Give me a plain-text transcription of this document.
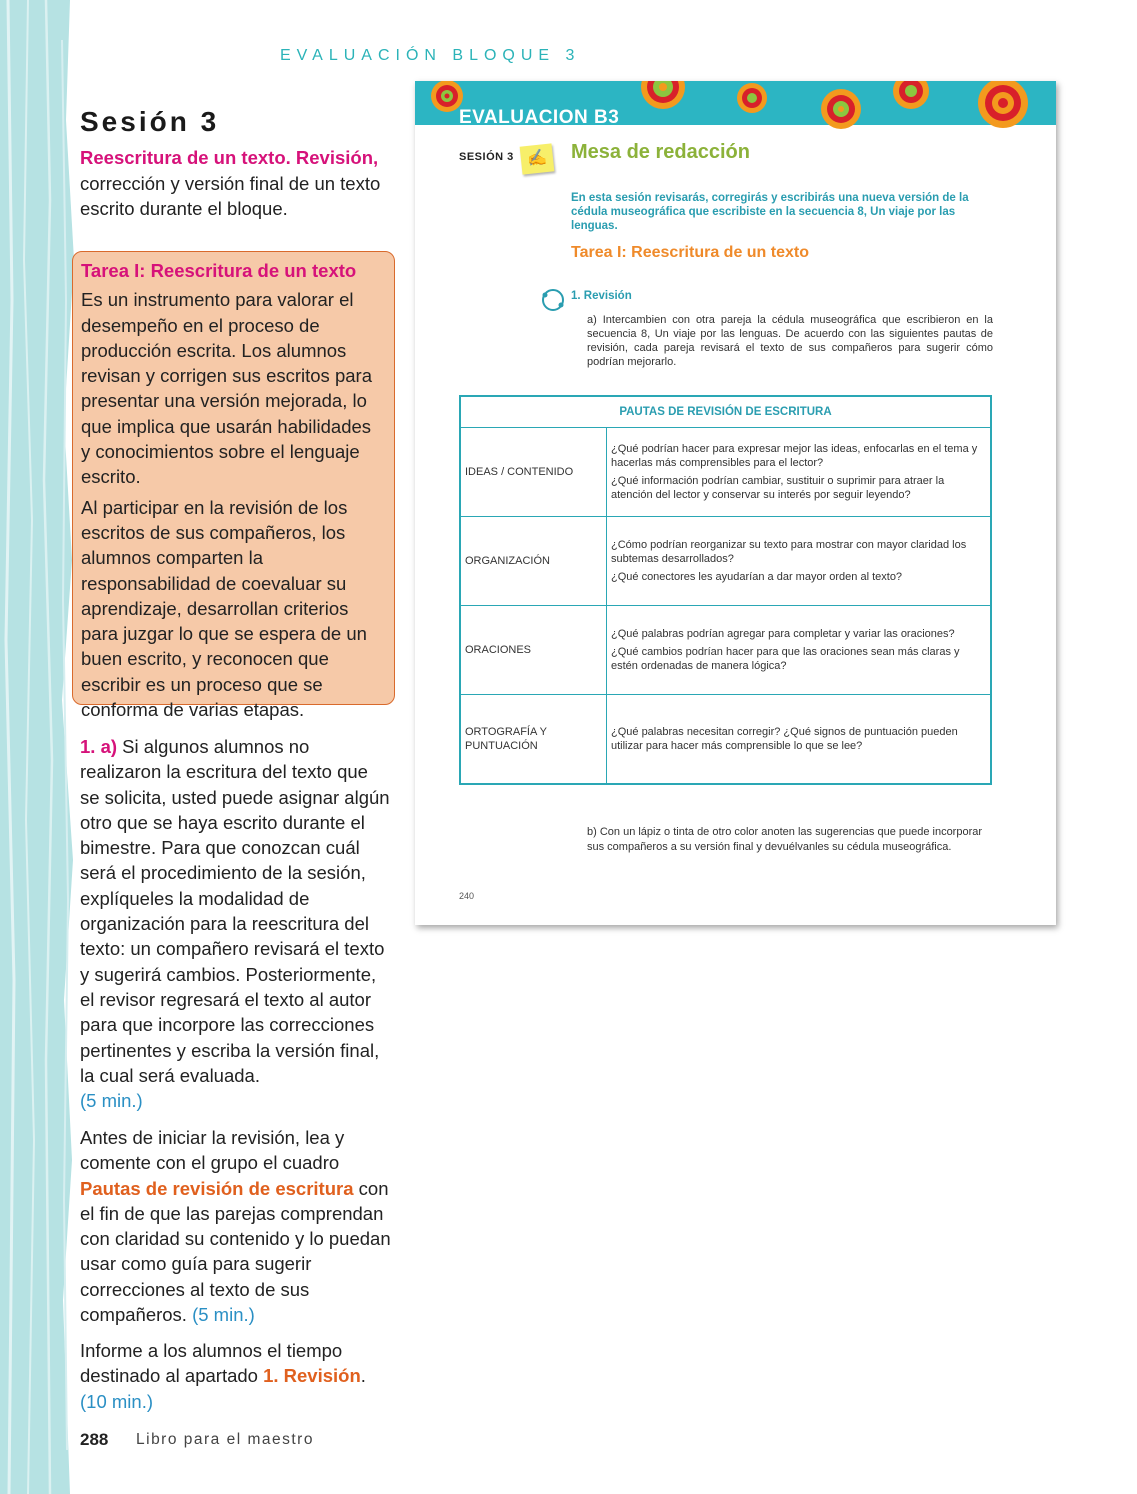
EVALUACIÓN BLOQUE 3
Sesión 3
Reescritura de un texto. Revisión, corrección y versión final de un texto escrito durante el bloque.
Tarea I: Reescritura de un texto

Es un instrumento para valorar el desempeño en el proceso de producción escrita. Los alumnos revisan y corrigen sus escritos para presentar una versión mejorada, lo que implica que usarán habilidades y conocimientos sobre el lenguaje escrito.

Al participar en la revisión de los escritos de sus compañeros, los alumnos comparten la responsabilidad de coevaluar su aprendizaje, desarrollan criterios para juzgar lo que se espera de un buen escrito, y reconocen que escribir es un proceso que se conforma de varias etapas.

1. a) Si algunos alumnos no realizaron la escritura del texto que se solicita, usted puede asignar algún otro que se haya escrito durante el bimestre. Para que conozcan cuál será el procedimiento de la sesión, explíqueles la modalidad de organización para la reescritura del texto: un compañero revisará el texto y sugerirá cambios. Posteriormente, el revisor regresará el texto al autor para que incorpore las correcciones pertinentes y escriba la versión final, la cual será evaluada.
(5 min.)
Antes de iniciar la revisión, lea y comente con el grupo el cuadro Pautas de revisión de escritura con el fin de que las parejas comprendan con claridad su contenido y lo puedan usar como guía para sugerir correcciones al texto de sus compañeros. (5 min.)
Informe a los alumnos el tiempo destinado al apartado 1. Revisión.
(10 min.)
288 Libro para el maestro
EVALUACION B3
SESIÓN 3 ✍	Mesa de redacción
En esta sesión revisarás, corregirás y escribirás una nueva versión de la cédula museográfica que escribiste en la secuencia 8, Un viaje por las lenguas.
Tarea I: Reescritura de un texto
1. Revisión
a) Intercambien con otra pareja la cédula museográfica que escribieron en la secuencia 8, Un viaje por las lenguas. De acuerdo con las siguientes pautas de revisión, cada pareja revisará el texto de sus compañeros para sugerir cómo podrían mejorarlo.
PAUTAS DE REVISIÓN DE ESCRITURA	
IDEAS / CONTENIDO	¿Qué podrían hacer para expresar mejor las ideas, enfocarlas en el tema y hacerlas más comprensibles para el lector?

¿Qué información podrían cambiar, sustituir o suprimir para atraer la atención del lector y conservar su interés por seguir leyendo?

ORGANIZACIÓN	¿Cómo podrían reorganizar su texto para mostrar con mayor claridad los subtemas desarrollados?

¿Qué conectores les ayudarían a dar mayor orden al texto?

ORACIONES	¿Qué palabras podrían agregar para completar y variar las oraciones?

¿Qué cambios podrían hacer para que las oraciones sean más claras y estén ordenadas de manera lógica?

ORTOGRAFÍA Y PUNTUACIÓN	¿Qué palabras necesitan corregir? ¿Qué signos de puntuación pueden utilizar para hacer más comprensible lo que se lee?

b) Con un lápiz o tinta de otro color anoten las sugerencias que puede incorporar sus compañeros a su versión final y devuélvanles su cédula museográfica.
240
